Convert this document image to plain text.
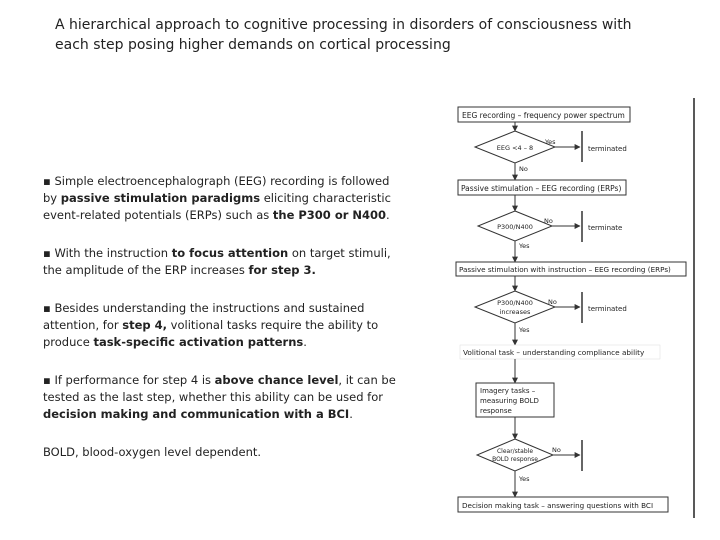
A hierarchical approach to cognitive processing in disorders of consciousness with each step posing higher demands on cortical processing

▪ Simple electroencephalograph (EEG) recording is followed by passive stimulation paradigms eliciting characteristic event-related potentials (ERPs) such as the P300 or N400.

▪ With the instruction to focus attention on target stimuli, the amplitude of the ERP increases for step 3.

▪ Besides understanding the instructions and sustained attention, for step 4, volitional tasks require the ability to produce task-specific activation patterns.

▪ If performance for step 4 is above chance level, it can be tested as the last step, whether this ability can be used for decision making and communication with a BCI.

BOLD, blood-oxygen level dependent.
EEG recording – frequency power spectrum
EEG <4 – 8
Yes
terminated
No
Passive stimulation – EEG recording (ERPs)
P300/N400
No
terminate
Yes
Passive stimulation with instruction – EEG recording (ERPs)
P300/N400
increases
No
terminated
Yes
Volitional task – understanding compliance ability
Imagery tasks –
measuring BOLD
response
Clear/stable
BOLD response
No
Yes
Decision making task – answering questions with BCI
